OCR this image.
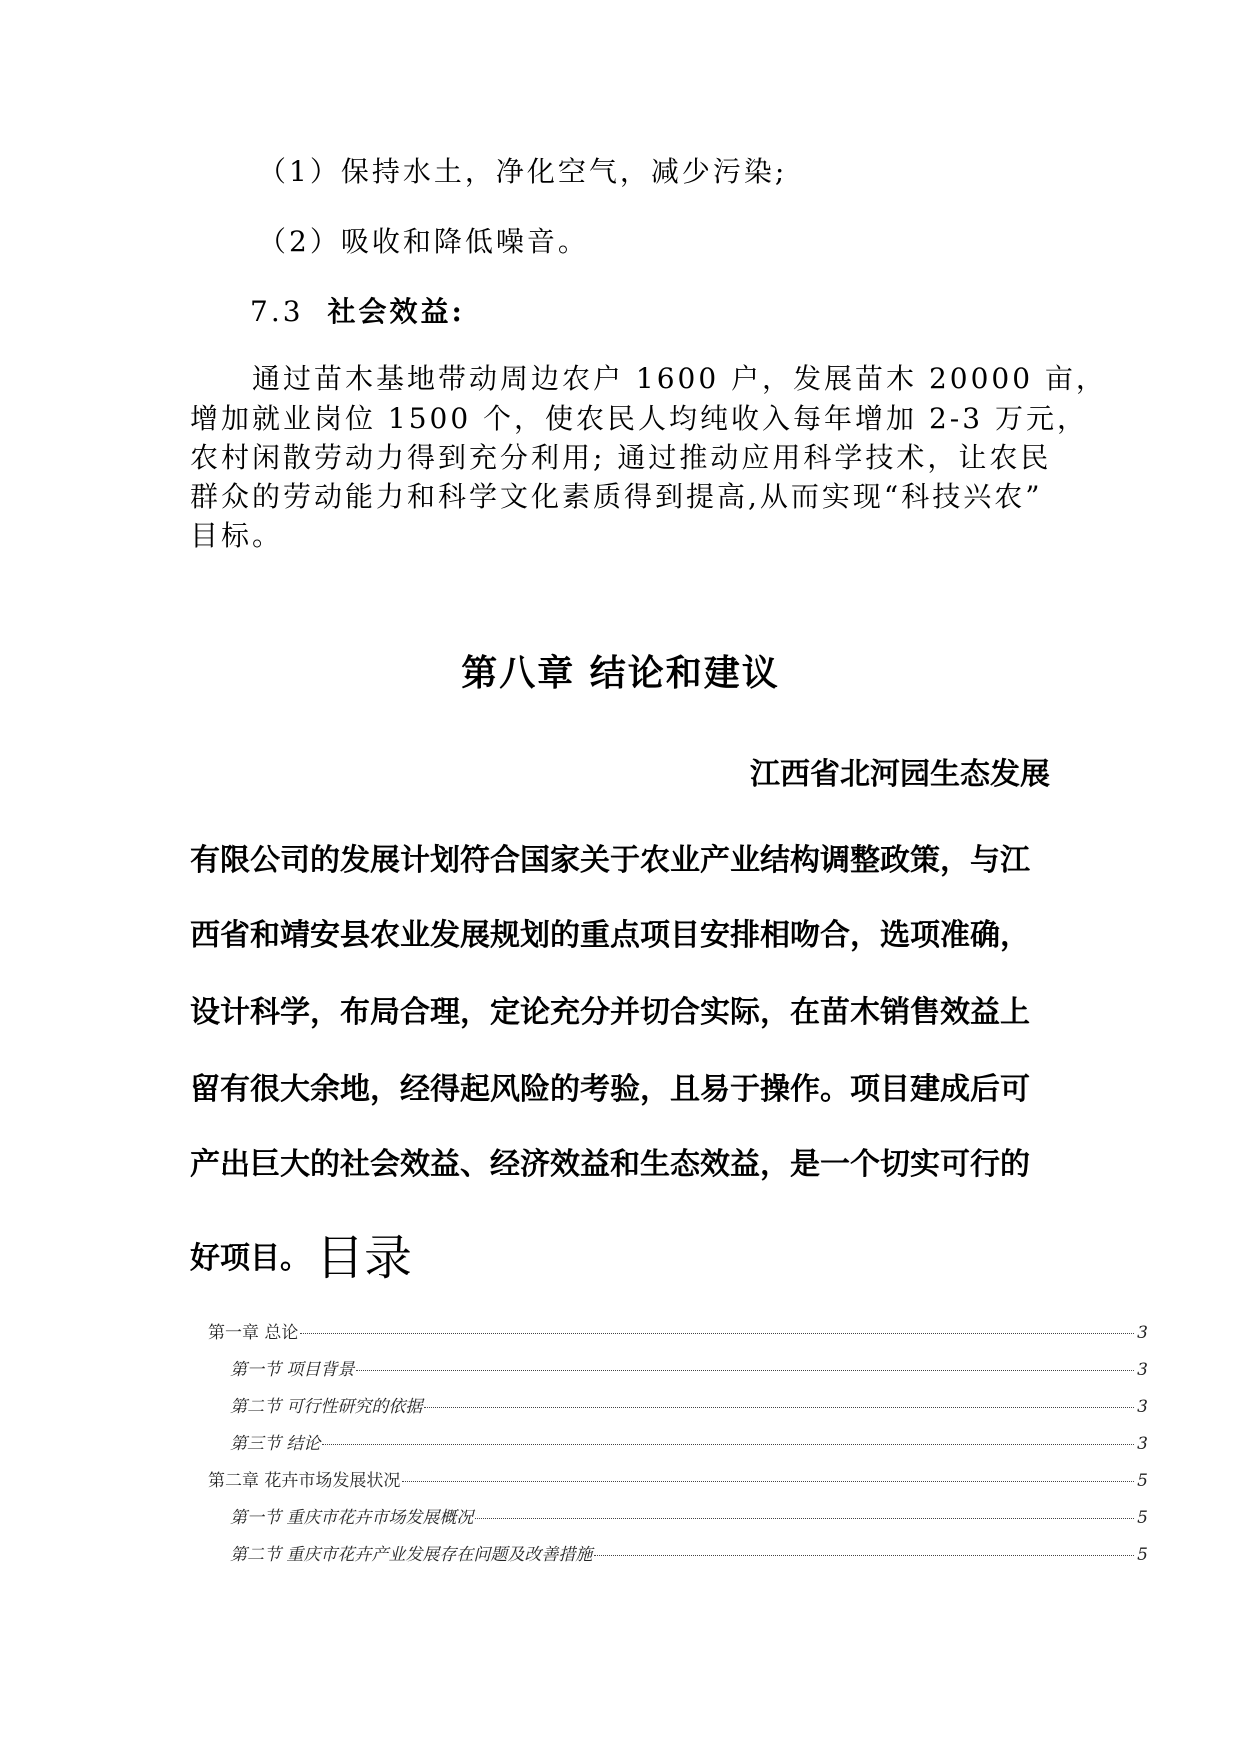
（1）保持水土，净化空气，减少污染;
（2）吸收和降低噪音。
7.3 社会效益:
通过苗木基地带动周边农户 1600 户，发展苗木 20000 亩，
增加就业岗位 1500 个，使农民人均纯收入每年增加 2-3 万元，
农村闲散劳动力得到充分利用; 通过推动应用科学技术，让农民
群众的劳动能力和科学文化素质得到提高,从而实现“科技兴农”
目标。
第八章 结论和建议
江西省北河园生态发展
有限公司的发展计划符合国家关于农业产业结构调整政策，与江
西省和靖安县农业发展规划的重点项目安排相吻合，选项准确，
设计科学，布局合理，定论充分并切合实际，在苗木销售效益上
留有很大余地，经得起风险的考验，且易于操作。项目建成后可
产出巨大的社会效益、经济效益和生态效益，是一个切实可行的
好项目。 目录
第一章 总论	3
第一节 项目背景	3
第二节 可行性研究的依据	3
第三节 结论	3
第二章 花卉市场发展状况	5
第一节 重庆市花卉市场发展概况	5
第二节 重庆市花卉产业发展存在问题及改善措施	5
